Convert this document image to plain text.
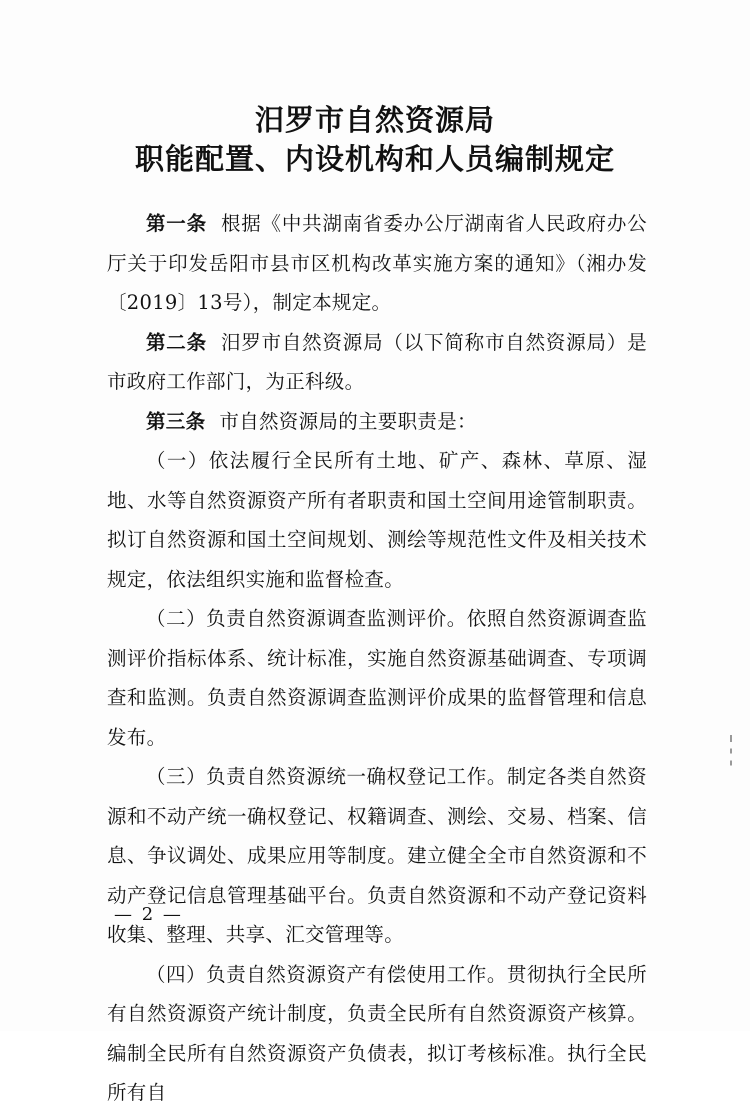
汨罗市自然资源局
职能配置、内设机构和人员编制规定

第一条 根据《中共湖南省委办公厅湖南省人民政府办公厅关于印发岳阳市县市区机构改革实施方案的通知》（湘办发〔2019〕13号），制定本规定。

第二条 汨罗市自然资源局（以下简称市自然资源局）是市政府工作部门，为正科级。

第三条 市自然资源局的主要职责是：

（一）依法履行全民所有土地、矿产、森林、草原、湿地、水等自然资源资产所有者职责和国土空间用途管制职责。拟订自然资源和国土空间规划、测绘等规范性文件及相关技术规定，依法组织实施和监督检查。

（二）负责自然资源调查监测评价。依照自然资源调查监测评价指标体系、统计标准，实施自然资源基础调查、专项调查和监测。负责自然资源调查监测评价成果的监督管理和信息发布。

（三）负责自然资源统一确权登记工作。制定各类自然资源和不动产统一确权登记、权籍调查、测绘、交易、档案、信息、争议调处、成果应用等制度。建立健全全市自然资源和不动产登记信息管理基础平台。负责自然资源和不动产登记资料收集、整理、共享、汇交管理等。

（四）负责自然资源资产有偿使用工作。贯彻执行全民所有自然资源资产统计制度，负责全民所有自然资源资产核算。编制全民所有自然资源资产负债表，拟订考核标准。执行全民所有自

— 2 —
